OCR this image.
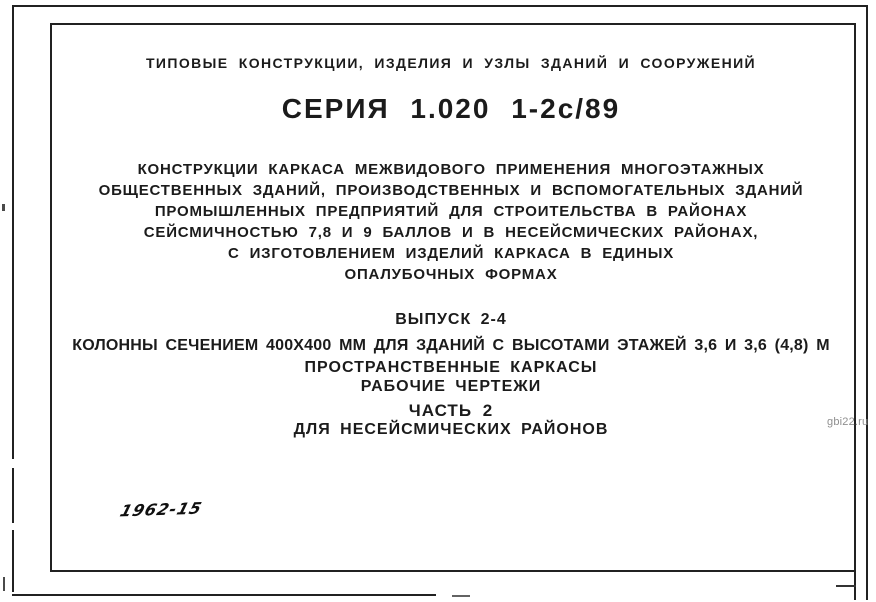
ТИПОВЫЕ КОНСТРУКЦИИ, ИЗДЕЛИЯ И УЗЛЫ ЗДАНИЙ И СООРУЖЕНИЙ
СЕРИЯ 1.020 1-2с/89
КОНСТРУКЦИИ КАРКАСА МЕЖВИДОВОГО ПРИМЕНЕНИЯ МНОГОЭТАЖНЫХ
ОБЩЕСТВЕННЫХ ЗДАНИЙ, ПРОИЗВОДСТВЕННЫХ И ВСПОМОГАТЕЛЬНЫХ ЗДАНИЙ
ПРОМЫШЛЕННЫХ ПРЕДПРИЯТИЙ ДЛЯ СТРОИТЕЛЬСТВА В РАЙОНАХ
СЕЙСМИЧНОСТЬЮ 7,8 И 9 БАЛЛОВ И В НЕСЕЙСМИЧЕСКИХ РАЙОНАХ,
С ИЗГОТОВЛЕНИЕМ ИЗДЕЛИЙ КАРКАСА В ЕДИНЫХ
ОПАЛУБОЧНЫХ ФОРМАХ
ВЫПУСК 2-4
КОЛОННЫ СЕЧЕНИЕМ 400Х400 ММ ДЛЯ ЗДАНИЙ С ВЫСОТАМИ ЭТАЖЕЙ 3,6 И 3,6 (4,8) М
ПРОСТРАНСТВЕННЫЕ КАРКАСЫ
РАБОЧИЕ ЧЕРТЕЖИ
ЧАСТЬ 2
ДЛЯ НЕСЕЙСМИЧЕСКИХ РАЙОНОВ
1962-15
gbi22.ru
